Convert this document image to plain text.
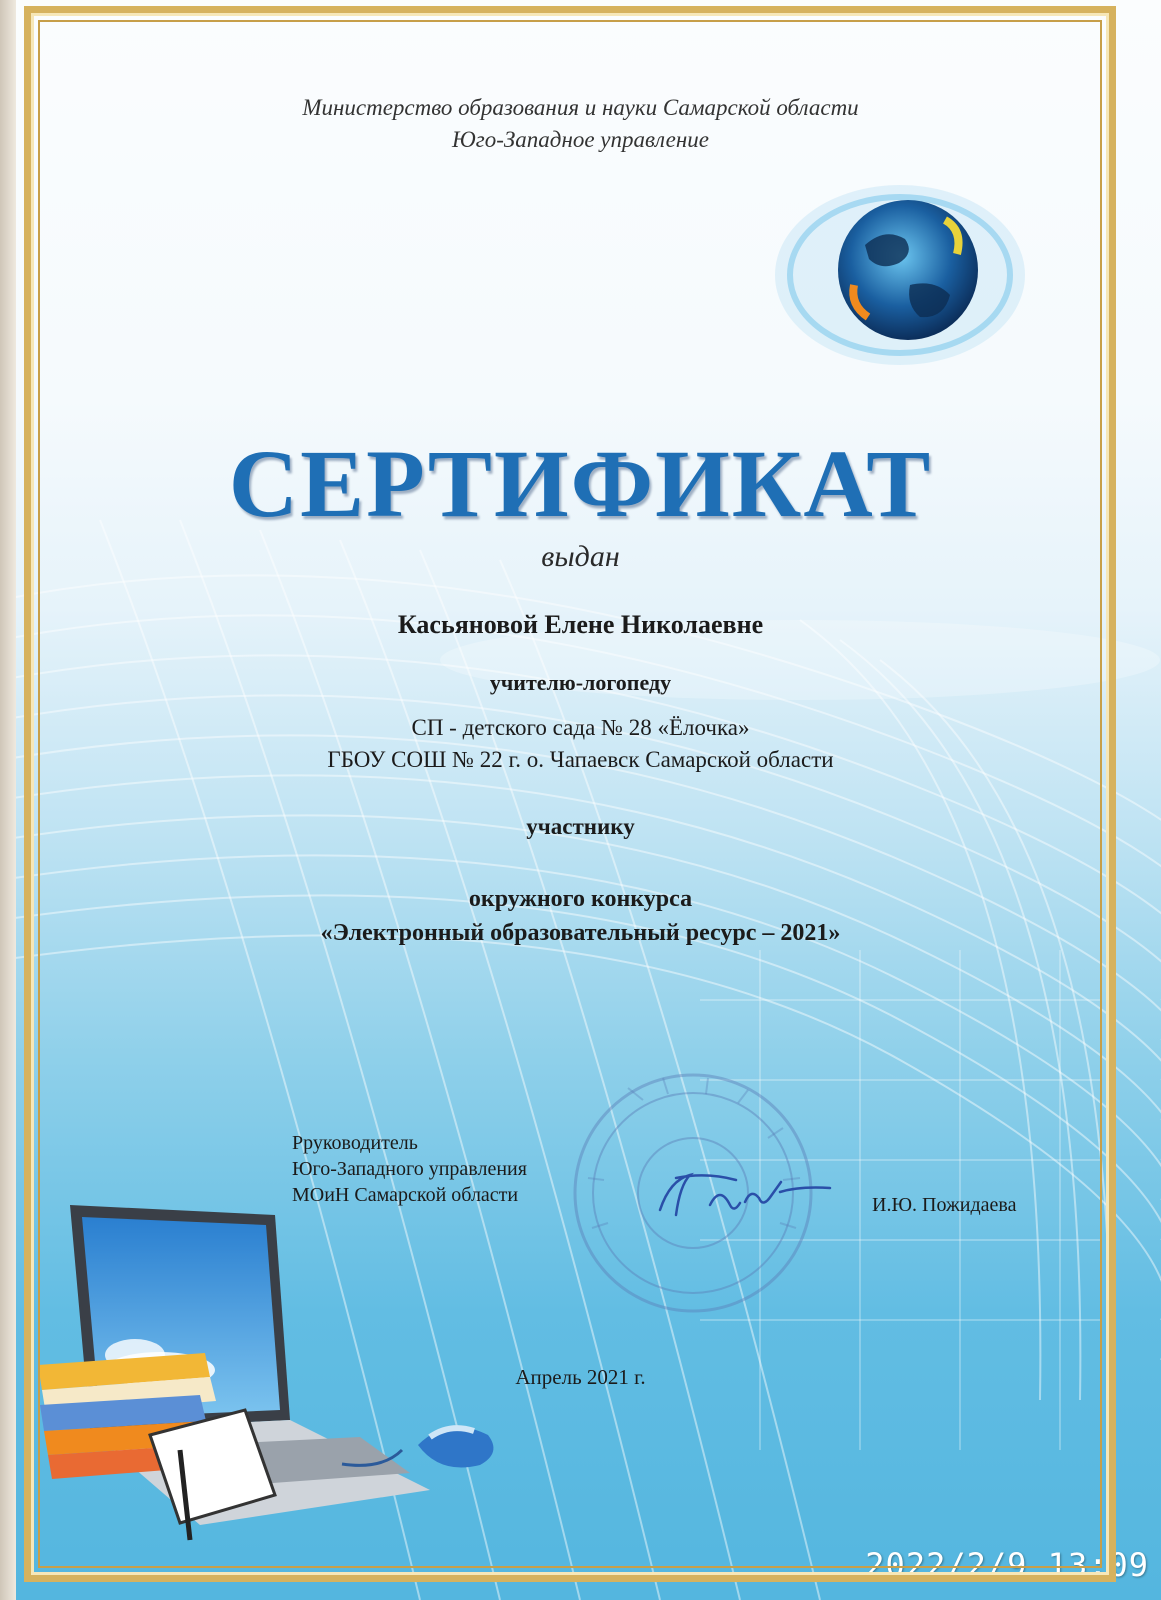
Министерство образования и науки Самарской области
Юго-Западное управление
СЕРТИФИКАТ
выдан
Касьяновой Елене Николаевне
учителю-логопеду
СП - детского сада № 28 «Ёлочка»
ГБОУ СОШ № 22 г. о. Чапаевск Самарской области
участнику
окружного конкурса
«Электронный образовательный ресурс – 2021»
Рруководитель
Юго-Западного управления
МОиН Самарской области	И.Ю. Пожидаева
Апрель 2021 г.
2022/2/9 13:09
